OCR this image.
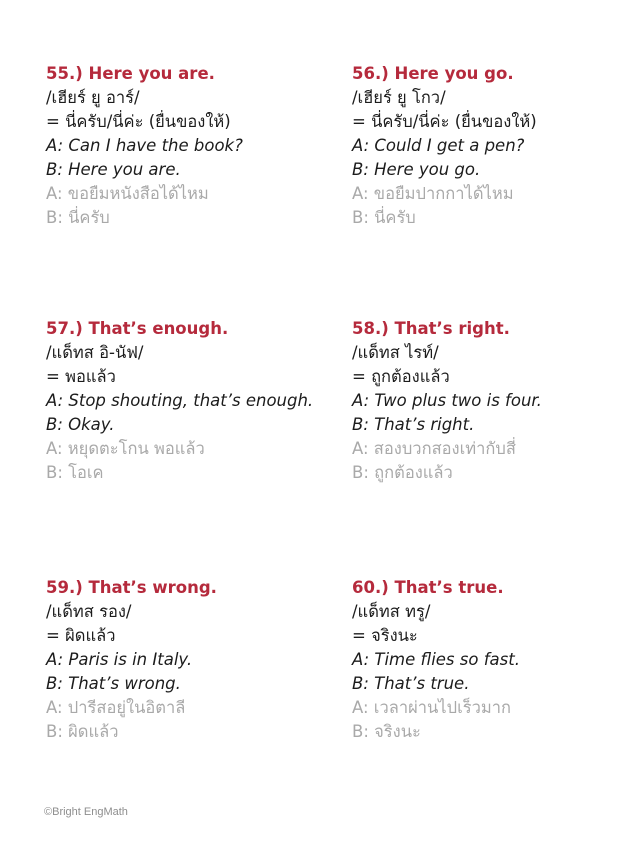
55.) Here you are.
/เฮียร์ ยู อาร์/
= นี่ครับ/นี่ค่ะ (ยื่นของให้)
A: Can I have the book?
B: Here you are.
A: ขอยืมหนังสือได้ไหม
B: นี่ครับ
56.) Here you go.
/เฮียร์ ยู โกว/
= นี่ครับ/นี่ค่ะ (ยื่นของให้)
A: Could I get a pen?
B: Here you go.
A: ขอยืมปากกาได้ไหม
B: นี่ครับ
57.) That’s enough.
/แด็ทส อิ-นัฟ/
= พอแล้ว
A: Stop shouting, that’s enough.
B: Okay.
A: หยุดตะโกน พอแล้ว
B: โอเค
58.) That’s right.
/แด็ทส ไรท์/
= ถูกต้องแล้ว
A: Two plus two is four.
B: That’s right.
A: สองบวกสองเท่ากับสี่
B: ถูกต้องแล้ว
59.) That’s wrong.
/แด็ทส รอง/
= ผิดแล้ว
A: Paris is in Italy.
B: That’s wrong.
A: ปารีสอยู่ในอิตาลี
B: ผิดแล้ว
60.) That’s true.
/แด็ทส ทรู/
= จริงนะ
A: Time flies so fast.
B: That’s true.
A: เวลาผ่านไปเร็วมาก
B: จริงนะ
©Bright EngMath
